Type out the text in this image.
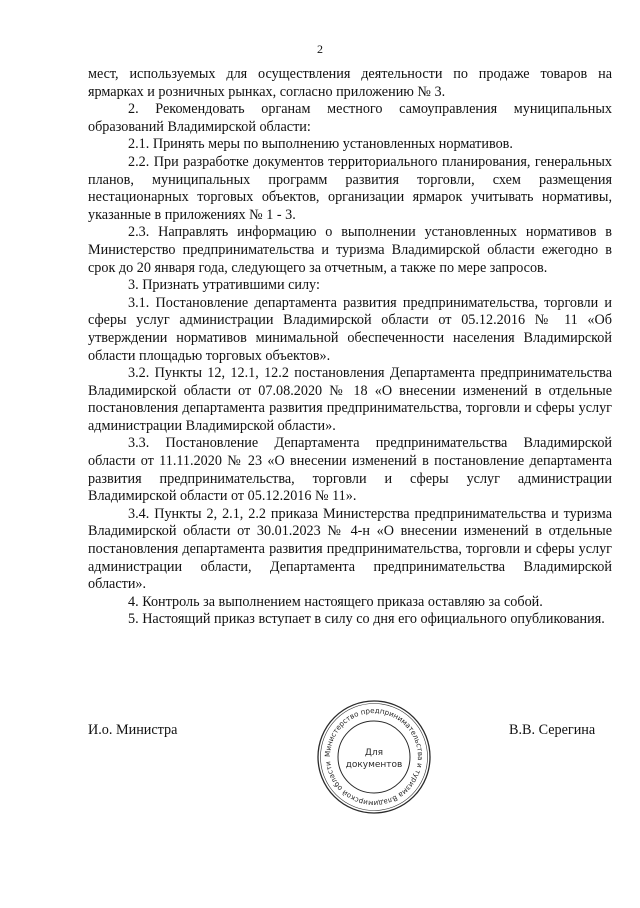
2

мест, используемых для осуществления деятельности по продаже товаров на ярмарках и розничных рынках, согласно приложению № 3.

2. Рекомендовать органам местного самоуправления муниципальных образований Владимирской области:

2.1. Принять меры по выполнению установленных нормативов.

2.2. При разработке документов территориального планирования, генеральных планов, муниципальных программ развития торговли, схем размещения нестационарных торговых объектов, организации ярмарок учитывать нормативы, указанные в приложениях № 1 - 3.

2.3. Направлять информацию о выполнении установленных нормативов в Министерство предпринимательства и туризма Владимирской области ежегодно в срок до 20 января года, следующего за отчетным, а также по мере запросов.

3. Признать утратившими силу:

3.1. Постановление департамента развития предпринимательства, торговли и сферы услуг администрации Владимирской области от 05.12.2016 № 11 «Об утверждении нормативов минимальной обеспеченности населения Владимирской области площадью торговых объектов».

3.2. Пункты 12, 12.1, 12.2 постановления Департамента предпринимательства Владимирской области от 07.08.2020 № 18 «О внесении изменений в отдельные постановления департамента развития предпринимательства, торговли и сферы услуг администрации Владимирской области».

3.3. Постановление Департамента предпринимательства Владимирской области от 11.11.2020 № 23 «О внесении изменений в постановление департамента развития предпринимательства, торговли и сферы услуг администрации Владимирской области от 05.12.2016 № 11».

3.4. Пункты 2, 2.1, 2.2 приказа Министерства предпринимательства и туризма Владимирской области от 30.01.2023 № 4-н «О внесении изменений в отдельные постановления департамента развития предпринимательства, торговли и сферы услуг администрации области, Департамента предпринимательства Владимирской области».

4. Контроль за выполнением настоящего приказа оставляю за собой.

5. Настоящий приказ вступает в силу со дня его официального опубликования.

И.о. Министра
Министерство предпринимательства и туризма Владимирской области
Для
документов
В.В. Серегина
